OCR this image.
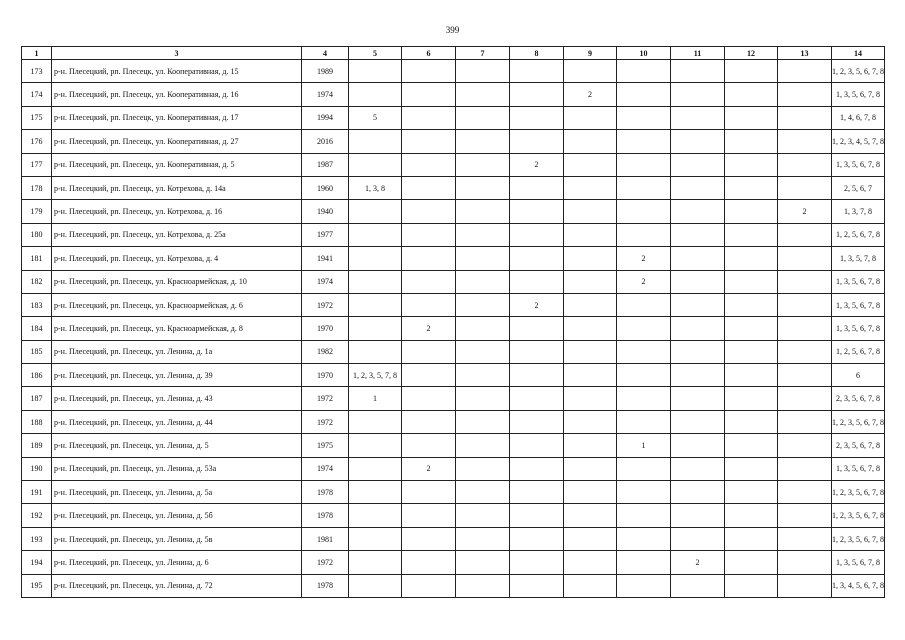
399
1	3	4	5	6	7	8	9	10	11	12	13	14
173	р-н. Плесецкий, рп. Плесецк, ул. Кооперативная, д. 15	1989										1, 2, 3, 5, 6, 7, 8
174	р-н. Плесецкий, рп. Плесецк, ул. Кооперативная, д. 16	1974					2					1, 3, 5, 6, 7, 8
175	р-н. Плесецкий, рп. Плесецк, ул. Кооперативная, д. 17	1994	5									1, 4, 6, 7, 8
176	р-н. Плесецкий, рп. Плесецк, ул. Кооперативная, д. 27	2016										1, 2, 3, 4, 5, 7, 8
177	р-н. Плесецкий, рп. Плесецк, ул. Кооперативная, д. 5	1987				2						1, 3, 5, 6, 7, 8
178	р-н. Плесецкий, рп. Плесецк, ул. Котрехова, д. 14а	1960	1, 3, 8									2, 5, 6, 7
179	р-н. Плесецкий, рп. Плесецк, ул. Котрехова, д. 16	1940									2	1, 3, 7, 8
180	р-н. Плесецкий, рп. Плесецк, ул. Котрехова, д. 25а	1977										1, 2, 5, 6, 7, 8
181	р-н. Плесецкий, рп. Плесецк, ул. Котрехова, д. 4	1941						2				1, 3, 5, 7, 8
182	р-н. Плесецкий, рп. Плесецк, ул. Красноармейская, д. 10	1974						2				1, 3, 5, 6, 7, 8
183	р-н. Плесецкий, рп. Плесецк, ул. Красноармейская, д. 6	1972				2						1, 3, 5, 6, 7, 8
184	р-н. Плесецкий, рп. Плесецк, ул. Красноармейская, д. 8	1970		2								1, 3, 5, 6, 7, 8
185	р-н. Плесецкий, рп. Плесецк, ул. Ленина, д. 1а	1982										1, 2, 5, 6, 7, 8
186	р-н. Плесецкий, рп. Плесецк, ул. Ленина, д. 39	1970	1, 2, 3, 5, 7, 8									6
187	р-н. Плесецкий, рп. Плесецк, ул. Ленина, д. 43	1972	1									2, 3, 5, 6, 7, 8
188	р-н. Плесецкий, рп. Плесецк, ул. Ленина, д. 44	1972										1, 2, 3, 5, 6, 7, 8
189	р-н. Плесецкий, рп. Плесецк, ул. Ленина, д. 5	1975						1				2, 3, 5, 6, 7, 8
190	р-н. Плесецкий, рп. Плесецк, ул. Ленина, д. 53а	1974		2								1, 3, 5, 6, 7, 8
191	р-н. Плесецкий, рп. Плесецк, ул. Ленина, д. 5а	1978										1, 2, 3, 5, 6, 7, 8
192	р-н. Плесецкий, рп. Плесецк, ул. Ленина, д. 5б	1978										1, 2, 3, 5, 6, 7, 8
193	р-н. Плесецкий, рп. Плесецк, ул. Ленина, д. 5в	1981										1, 2, 3, 5, 6, 7, 8
194	р-н. Плесецкий, рп. Плесецк, ул. Ленина, д. 6	1972							2			1, 3, 5, 6, 7, 8
195	р-н. Плесецкий, рп. Плесецк, ул. Ленина, д. 72	1978										1, 3, 4, 5, 6, 7, 8
